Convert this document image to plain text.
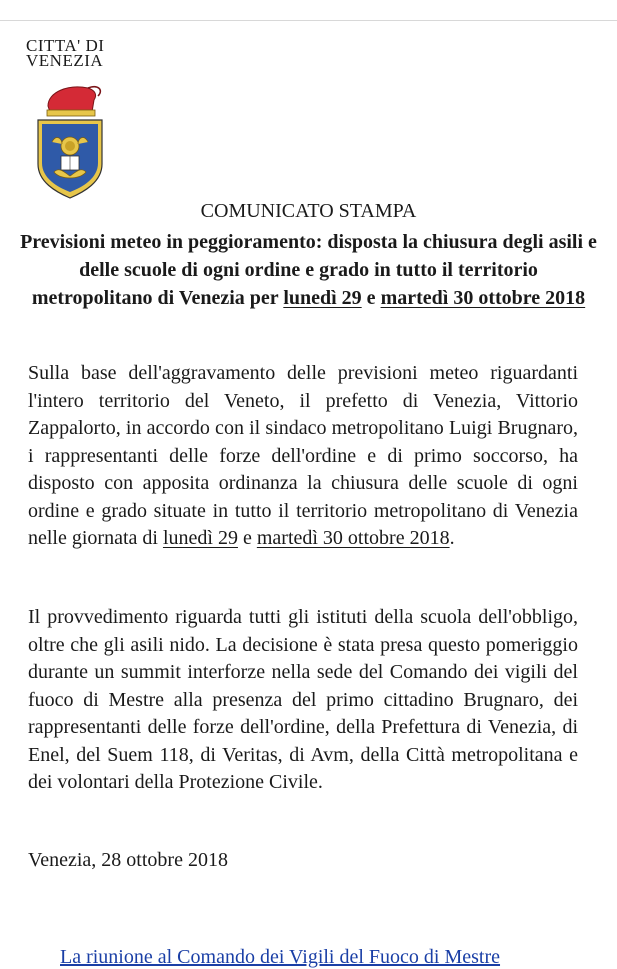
CITTA' DI
VENEZIA
COMUNICATO STAMPA
Previsioni meteo in peggioramento: disposta la chiusura degli asili e delle scuole di ogni ordine e grado in tutto il territorio metropolitano di Venezia per lunedì 29 e martedì 30 ottobre 2018
Sulla base dell'aggravamento delle previsioni meteo riguardanti l'intero territorio del Veneto, il prefetto di Venezia, Vittorio Zappalorto, in accordo con il sindaco metropolitano Luigi Brugnaro, i rappresentanti delle forze dell'ordine e di primo soccorso, ha disposto con apposita ordinanza la chiusura delle scuole di ogni ordine e grado situate in tutto il territorio metropolitano di Venezia nelle giornata di lunedì 29 e martedì 30 ottobre 2018.
Il provvedimento riguarda tutti gli istituti della scuola dell'obbligo, oltre che gli asili nido. La decisione è stata presa questo pomeriggio durante un summit interforze nella sede del Comando dei vigili del fuoco di Mestre alla presenza del primo cittadino Brugnaro, dei rappresentanti delle forze dell'ordine, della Prefettura di Venezia, di Enel, del Suem 118, di Veritas, di Avm, della Città metropolitana e dei volontari della Protezione Civile.
Venezia, 28 ottobre 2018
La riunione al Comando dei Vigili del Fuoco di Mestre
